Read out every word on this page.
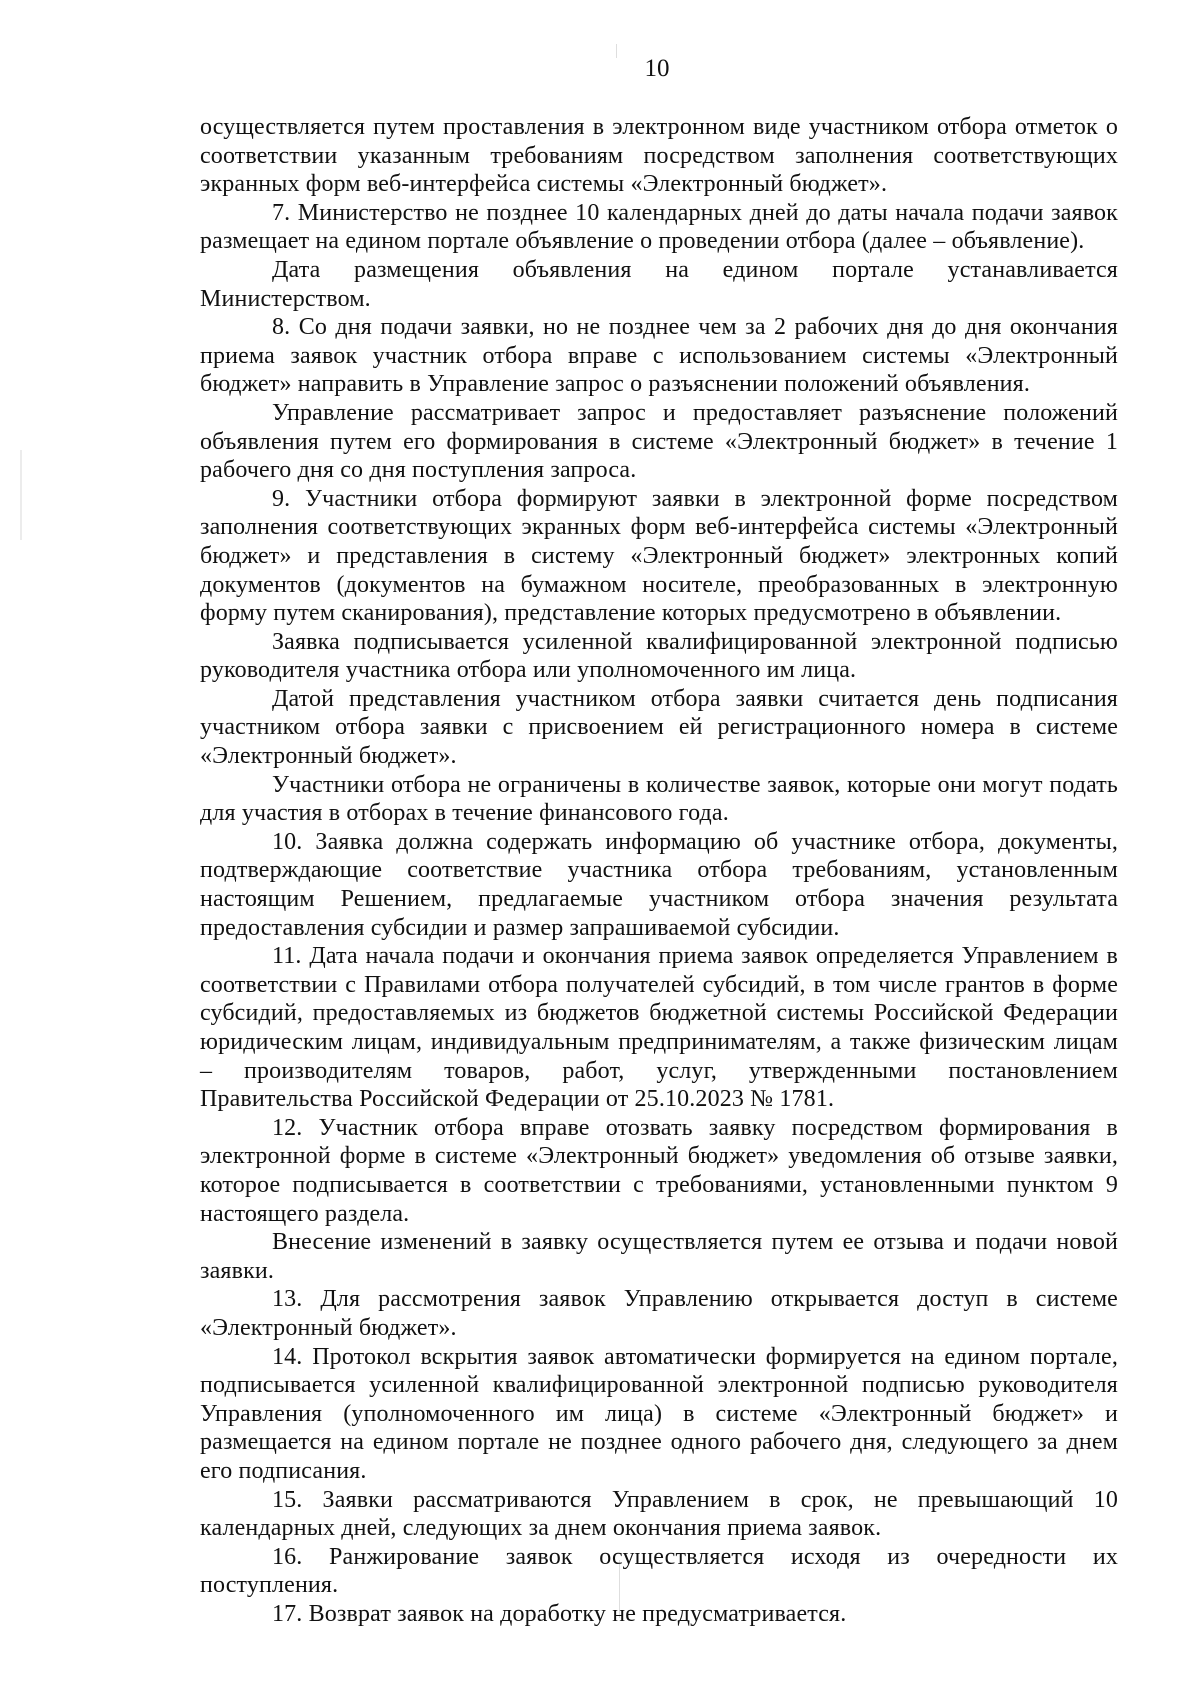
10

осуществляется путем проставления в электронном виде участником отбора отметок о соответствии указанным требованиям посредством заполнения соответствующих экранных форм веб-интерфейса системы «Электронный бюджет».

7. Министерство не позднее 10 календарных дней до даты начала подачи заявок размещает на едином портале объявление о проведении отбора (далее – объявление).

Дата размещения объявления на едином портале устанавливается Министерством.

8. Со дня подачи заявки, но не позднее чем за 2 рабочих дня до дня окончания приема заявок участник отбора вправе с использованием системы «Электронный бюджет» направить в Управление запрос о разъяснении положений объявления.

Управление рассматривает запрос и предоставляет разъяснение положений объявления путем его формирования в системе «Электронный бюджет» в течение 1 рабочего дня со дня поступления запроса.

9. Участники отбора формируют заявки в электронной форме посредством заполнения соответствующих экранных форм веб-интерфейса системы «Электронный бюджет» и представления в систему «Электронный бюджет» электронных копий документов (документов на бумажном носителе, преобразованных в электронную форму путем сканирования), представление которых предусмотрено в объявлении.

Заявка подписывается усиленной квалифицированной электронной подписью руководителя участника отбора или уполномоченного им лица.

Датой представления участником отбора заявки считается день подписания участником отбора заявки с присвоением ей регистрационного номера в системе «Электронный бюджет».

Участники отбора не ограничены в количестве заявок, которые они могут подать для участия в отборах в течение финансового года.

10. Заявка должна содержать информацию об участнике отбора, документы, подтверждающие соответствие участника отбора требованиям, установленным настоящим Решением, предлагаемые участником отбора значения результата предоставления субсидии и размер запрашиваемой субсидии.

11. Дата начала подачи и окончания приема заявок определяется Управлением в соответствии с Правилами отбора получателей субсидий, в том числе грантов в форме субсидий, предоставляемых из бюджетов бюджетной системы Российской Федерации юридическим лицам, индивидуальным предпринимателям, а также физическим лицам – производителям товаров, работ, услуг, утвержденными постановлением Правительства Российской Федерации от 25.10.2023 № 1781.

12. Участник отбора вправе отозвать заявку посредством формирования в электронной форме в системе «Электронный бюджет» уведомления об отзыве заявки, которое подписывается в соответствии с требованиями, установленными пунктом 9 настоящего раздела.

Внесение изменений в заявку осуществляется путем ее отзыва и подачи новой заявки.

13. Для рассмотрения заявок Управлению открывается доступ в системе «Электронный бюджет».

14. Протокол вскрытия заявок автоматически формируется на едином портале, подписывается усиленной квалифицированной электронной подписью руководителя Управления (уполномоченного им лица) в системе «Электронный бюджет» и размещается на едином портале не позднее одного рабочего дня, следующего за днем его подписания.

15. Заявки рассматриваются Управлением в срок, не превышающий 10 календарных дней, следующих за днем окончания приема заявок.

16. Ранжирование заявок осуществляется исходя из очередности их поступления.

17. Возврат заявок на доработку не предусматривается.
